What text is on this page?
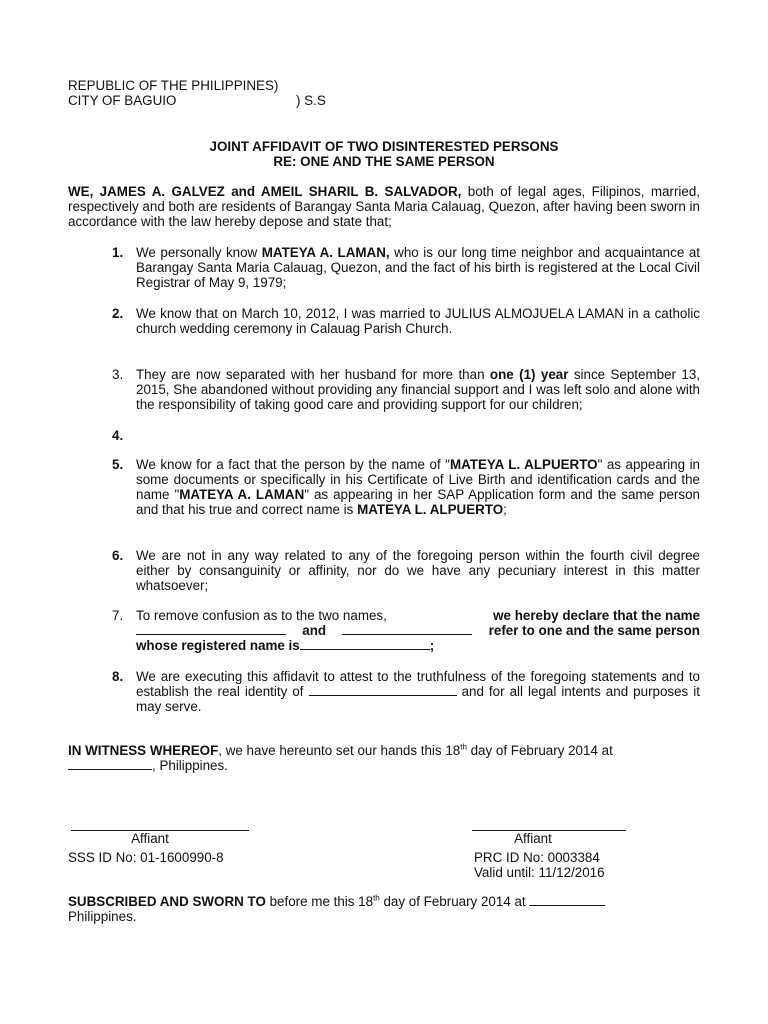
REPUBLIC OF THE PHILIPPINES)
CITY OF BAGUIO	) S.S
JOINT AFFIDAVIT OF TWO DISINTERESTED PERSONS
RE: ONE AND THE SAME PERSON

WE, JAMES A. GALVEZ and AMEIL SHARIL B. SALVADOR, both of legal ages, Filipinos, married, respectively and both are residents of Barangay Santa Maria Calauag, Quezon, after having been sworn in accordance with the law hereby depose and state that;

1. We personally know MATEYA A. LAMAN, who is our long time neighbor and acquaintance at Barangay Santa Maria Calauag, Quezon, and the fact of his birth is registered at the Local Civil Registrar of May 9, 1979;
2. We know that on March 10, 2012, I was married to JULIUS ALMOJUELA LAMAN in a catholic church wedding ceremony in Calauag Parish Church.
3. They are now separated with her husband for more than one (1) year since September 13, 2015, She abandoned without providing any financial support and I was left solo and alone with the responsibility of taking good care and providing support for our children;
4.
5. We know for a fact that the person by the name of "MATEYA L. ALPUERTO" as appearing in some documents or specifically in his Certificate of Live Birth and identification cards and the name "MATEYA A. LAMAN" as appearing in her SAP Application form and the same person and that his true and correct name is MATEYA L. ALPUERTO;
6. We are not in any way related to any of the foregoing person within the fourth civil degree either by consanguinity or affinity, nor do we have any pecuniary interest in this matter whatsoever;
7. To remove confusion as to the two names,	we hereby declare that the name
and	refer to one and the same person
whose registered name is	;
8. We are executing this affidavit to attest to the truthfulness of the foregoing statements and to establish the real identity of	and for all legal intents and purposes it may serve.

IN WITNESS WHEREOF, we have hereunto set our hands this 18th day of February 2014 at
, Philippines.

Affiant
SSS ID No: 01-1600990-8
Affiant
PRC ID No: 0003384
Valid until: 11/12/2016

SUBSCRIBED AND SWORN TO before me this 18th day of February 2014 at
Philippines.
